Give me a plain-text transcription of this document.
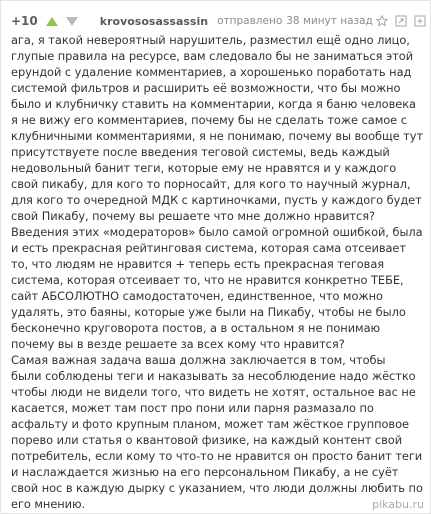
+10	krovososassassin отправлено 38 минут назад
ага, я такой невероятный нарушитель, разместил ещё одно лицо,
глупые правила на ресурсе, вам следовало бы не заниматься этой
ерундой с удаление комментариев, а хорошенько поработать над
системой фильтров и расширить её возможности, что бы можно
было и клубничку ставить на комментарии, когда я баню человека
я не вижу его комментариев, почему бы не сделать тоже самое с
клубничными комментариями, я не понимаю, почему вы вообще тут
присутствуете после введения теговой системы, ведь каждый
недовольный банит теги, которые ему не нравятся и у каждого
свой пикабу, для кого то порносайт, для кого то научный журнал,
для кого то очередной МДК с картиночками, пусть у каждого будет
свой Пикабу, почему вы решаете что мне должно нравится?
Введения этих «модераторов» было самой огромной ошибкой, была
и есть прекрасная рейтинговая система, которая сама отсеивает
то, что людям не нравится + теперь есть прекрасная теговая
система, которая отсеивает то, что не нравится конкретно ТЕБЕ,
сайт АБСОЛЮТНО самодостаточен, единственное, что можно
удалять, это баяны, которые уже были на Пикабу, чтобы не было
бесконечно круговорота постов, а в остальном я не понимаю
почему вы в везде решаете за всех кому что нравится?
Самая важная задача ваша должна заключается в том, чтобы
были соблюдены теги и наказывать за несоблюдение надо жёстко
чтобы люди не видели того, что видеть не хотят, остальное вас не
касается, может там пост про пони или парня размазало по
асфальту и фото крупным планом, может там жёсткое групповое
порево или статья о квантовой физике, на каждый контент свой
потребитель, если кому то что-то не нравится он просто банит теги
и наслаждается жизнью на его персональном Пикабу, а не суёт
свой нос в каждую дырку с указанием, что люди должны любить по
его мнению.	pikabu.ru
